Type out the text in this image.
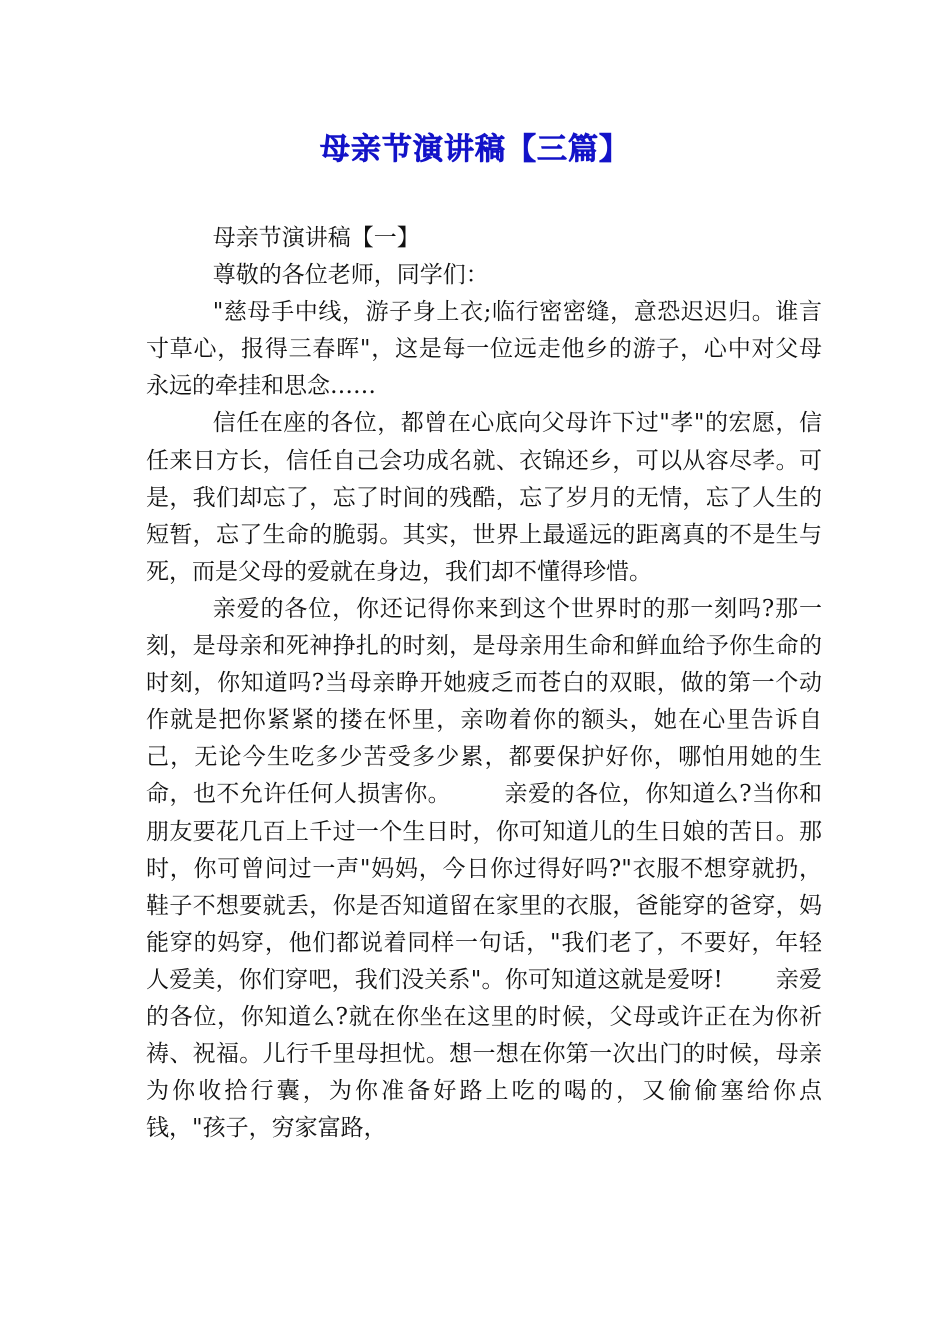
母亲节演讲稿【三篇】

母亲节演讲稿【一】

尊敬的各位老师，同学们：

"慈母手中线，游子身上衣;临行密密缝，意恐迟迟归。谁言寸草心，报得三春晖"，这是每一位远走他乡的游子，心中对父母永远的牵挂和思念……

信任在座的各位，都曾在心底向父母许下过"孝"的宏愿，信任来日方长，信任自己会功成名就、衣锦还乡，可以从容尽孝。可是，我们却忘了，忘了时间的残酷，忘了岁月的无情，忘了人生的短暂，忘了生命的脆弱。其实，世界上最遥远的距离真的不是生与死，而是父母的爱就在身边，我们却不懂得珍惜。

亲爱的各位，你还记得你来到这个世界时的那一刻吗?那一刻，是母亲和死神挣扎的时刻，是母亲用生命和鲜血给予你生命的时刻，你知道吗?当母亲睁开她疲乏而苍白的双眼，做的第一个动作就是把你紧紧的搂在怀里，亲吻着你的额头，她在心里告诉自己，无论今生吃多少苦受多少累，都要保护好你，哪怕用她的生命，也不允许任何人损害你。 亲爱的各位，你知道么?当你和朋友要花几百上千过一个生日时，你可知道儿的生日娘的苦日。那时，你可曾问过一声"妈妈，今日你过得好吗?"衣服不想穿就扔，鞋子不想要就丢，你是否知道留在家里的衣服，爸能穿的爸穿，妈能穿的妈穿，他们都说着同样一句话，"我们老了，不要好，年轻人爱美，你们穿吧，我们没关系"。你可知道这就是爱呀! 亲爱的各位，你知道么?就在你坐在这里的时候，父母或许正在为你祈祷、祝福。儿行千里母担忧。想一想在你第一次出门的时候，母亲为你收拾行囊，为你准备好路上吃的喝的，又偷偷塞给你点钱，"孩子，穷家富路，
